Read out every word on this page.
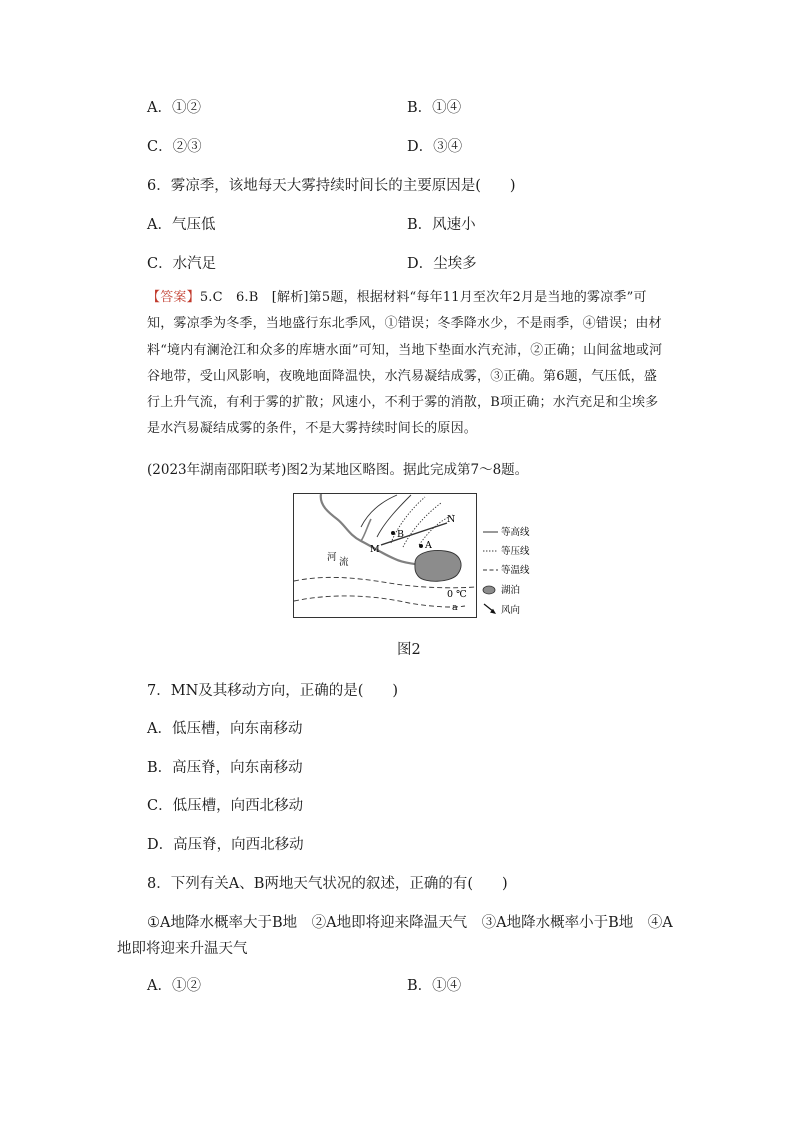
A．①②	B．①④
C．②③	D．③④
6．雾凉季，该地每天大雾持续时间长的主要原因是(　　)
A．气压低	B．风速小
C．水汽足	D．尘埃多
【答案】5.C　6.B　[解析]第5题，根据材料“每年11月至次年2月是当地的雾凉季”可知，雾凉季为冬季，当地盛行东北季风，①错误；冬季降水少，不是雨季，④错误；由材料“境内有澜沧江和众多的库塘水面”可知，当地下垫面水汽充沛，②正确；山间盆地或河谷地带，受山风影响，夜晚地面降温快，水汽易凝结成雾，③正确。第6题，气压低，盛行上升气流，有利于雾的扩散；风速小，不利于雾的消散，B项正确；水汽充足和尘埃多是水汽易凝结成雾的条件，不是大雾持续时间长的原因。
(2023年湖南邵阳联考)图2为某地区略图。据此完成第7～8题。
B
A
M
N
河 流
0 ℃
a
等高线
等压线
等温线
湖泊
风向
图2
7．MN及其移动方向，正确的是(　　)
A．低压槽，向东南移动
B．高压脊，向东南移动
C．低压槽，向西北移动
D．高压脊，向西北移动
8．下列有关A、B两地天气状况的叙述，正确的有(　　)
①A地降水概率大于B地　②A地即将迎来降温天气　③A地降水概率小于B地　④A
地即将迎来升温天气
A．①②	B．①④
